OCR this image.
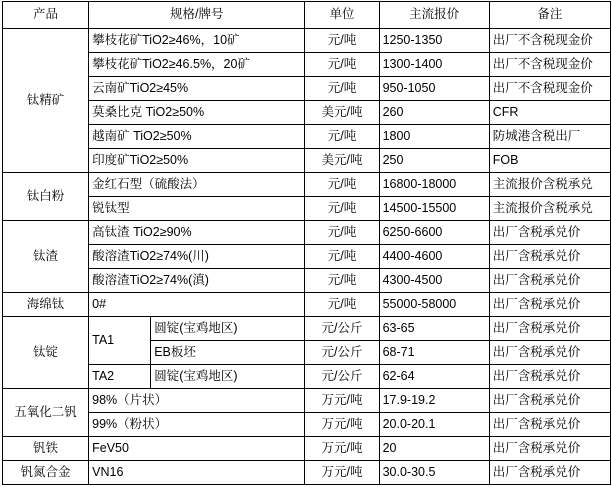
产品	规格/牌号		单位	主流报价	备注
钛精矿	攀枝花矿TiO2≥46%，10矿		元/吨	1250-1350	出厂不含税现金价
	攀枝花矿TiO2≥46.5%，20矿		元/吨	1300-1400	出厂不含税现金价
	云南矿TiO2≥45%		元/吨	950-1050	出厂不含税现金价
	莫桑比克 TiO2≥50%		美元/吨	260	CFR
	越南矿 TiO2≥50%		元/吨	1800	防城港含税出厂
	印度矿TiO2≥50%		美元/吨	250	FOB
钛白粉	金红石型（硫酸法）		元/吨	16800-18000	主流报价含税承兑
	锐钛型		元/吨	14500-15500	主流报价含税承兑
钛渣	高钛渣 TiO2≥90%		元/吨	6250-6600	出厂含税承兑价
	酸溶渣TiO2≥74%(川)		元/吨	4400-4600	出厂含税承兑价
	酸溶渣TiO2≥74%(滇)		元/吨	4300-4500	出厂含税承兑价
海绵钛	0#		元/吨	55000-58000	出厂含税承兑价
钛锭	TA1	圆锭(宝鸡地区)	元/公斤	63-65	出厂含税承兑价
		EB板坯	元/公斤	68-71	出厂含税承兑价
	TA2	圆锭(宝鸡地区)	元/公斤	62-64	出厂含税承兑价
五氧化二钒	98%（片状）		万元/吨	17.9-19.2	出厂含税承兑价
	99%（粉状）		万元/吨	20.0-20.1	出厂含税承兑价
钒铁	FeV50		万元/吨	20	出厂含税承兑价
钒氮合金	VN16		万元/吨	30.0-30.5	出厂含税承兑价
